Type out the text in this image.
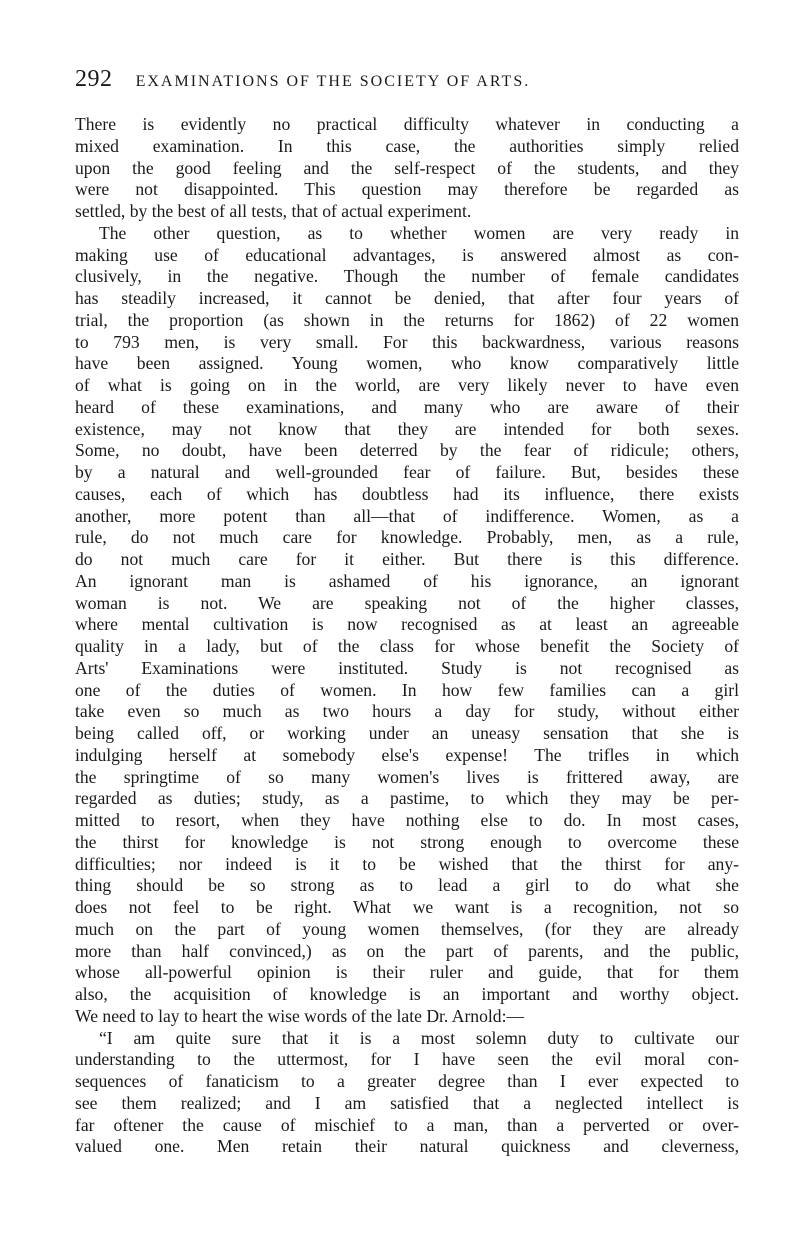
292 EXAMINATIONS OF THE SOCIETY OF ARTS.
There is evidently no practical difficulty whatever in conducting a
mixed examination. In this case, the authorities simply relied
upon the good feeling and the self-respect of the students, and they
were not disappointed. This question may therefore be regarded as
settled, by the best of all tests, that of actual experiment.
The other question, as to whether women are very ready in
making use of educational advantages, is answered almost as con-
clusively, in the negative. Though the number of female candidates
has steadily increased, it cannot be denied, that after four years of
trial, the proportion (as shown in the returns for 1862) of 22 women
to 793 men, is very small. For this backwardness, various reasons
have been assigned. Young women, who know comparatively little
of what is going on in the world, are very likely never to have even
heard of these examinations, and many who are aware of their
existence, may not know that they are intended for both sexes.
Some, no doubt, have been deterred by the fear of ridicule; others,
by a natural and well-grounded fear of failure. But, besides these
causes, each of which has doubtless had its influence, there exists
another, more potent than all—that of indifference. Women, as a
rule, do not much care for knowledge. Probably, men, as a rule,
do not much care for it either. But there is this difference.
An ignorant man is ashamed of his ignorance, an ignorant
woman is not. We are speaking not of the higher classes,
where mental cultivation is now recognised as at least an agreeable
quality in a lady, but of the class for whose benefit the Society of
Arts' Examinations were instituted. Study is not recognised as
one of the duties of women. In how few families can a girl
take even so much as two hours a day for study, without either
being called off, or working under an uneasy sensation that she is
indulging herself at somebody else's expense! The trifles in which
the springtime of so many women's lives is frittered away, are
regarded as duties; study, as a pastime, to which they may be per-
mitted to resort, when they have nothing else to do. In most cases,
the thirst for knowledge is not strong enough to overcome these
difficulties; nor indeed is it to be wished that the thirst for any-
thing should be so strong as to lead a girl to do what she
does not feel to be right. What we want is a recognition, not so
much on the part of young women themselves, (for they are already
more than half convinced,) as on the part of parents, and the public,
whose all-powerful opinion is their ruler and guide, that for them
also, the acquisition of knowledge is an important and worthy object.
We need to lay to heart the wise words of the late Dr. Arnold:—
“I am quite sure that it is a most solemn duty to cultivate our
understanding to the uttermost, for I have seen the evil moral con-
sequences of fanaticism to a greater degree than I ever expected to
see them realized; and I am satisfied that a neglected intellect is
far oftener the cause of mischief to a man, than a perverted or over-
valued one. Men retain their natural quickness and cleverness,
